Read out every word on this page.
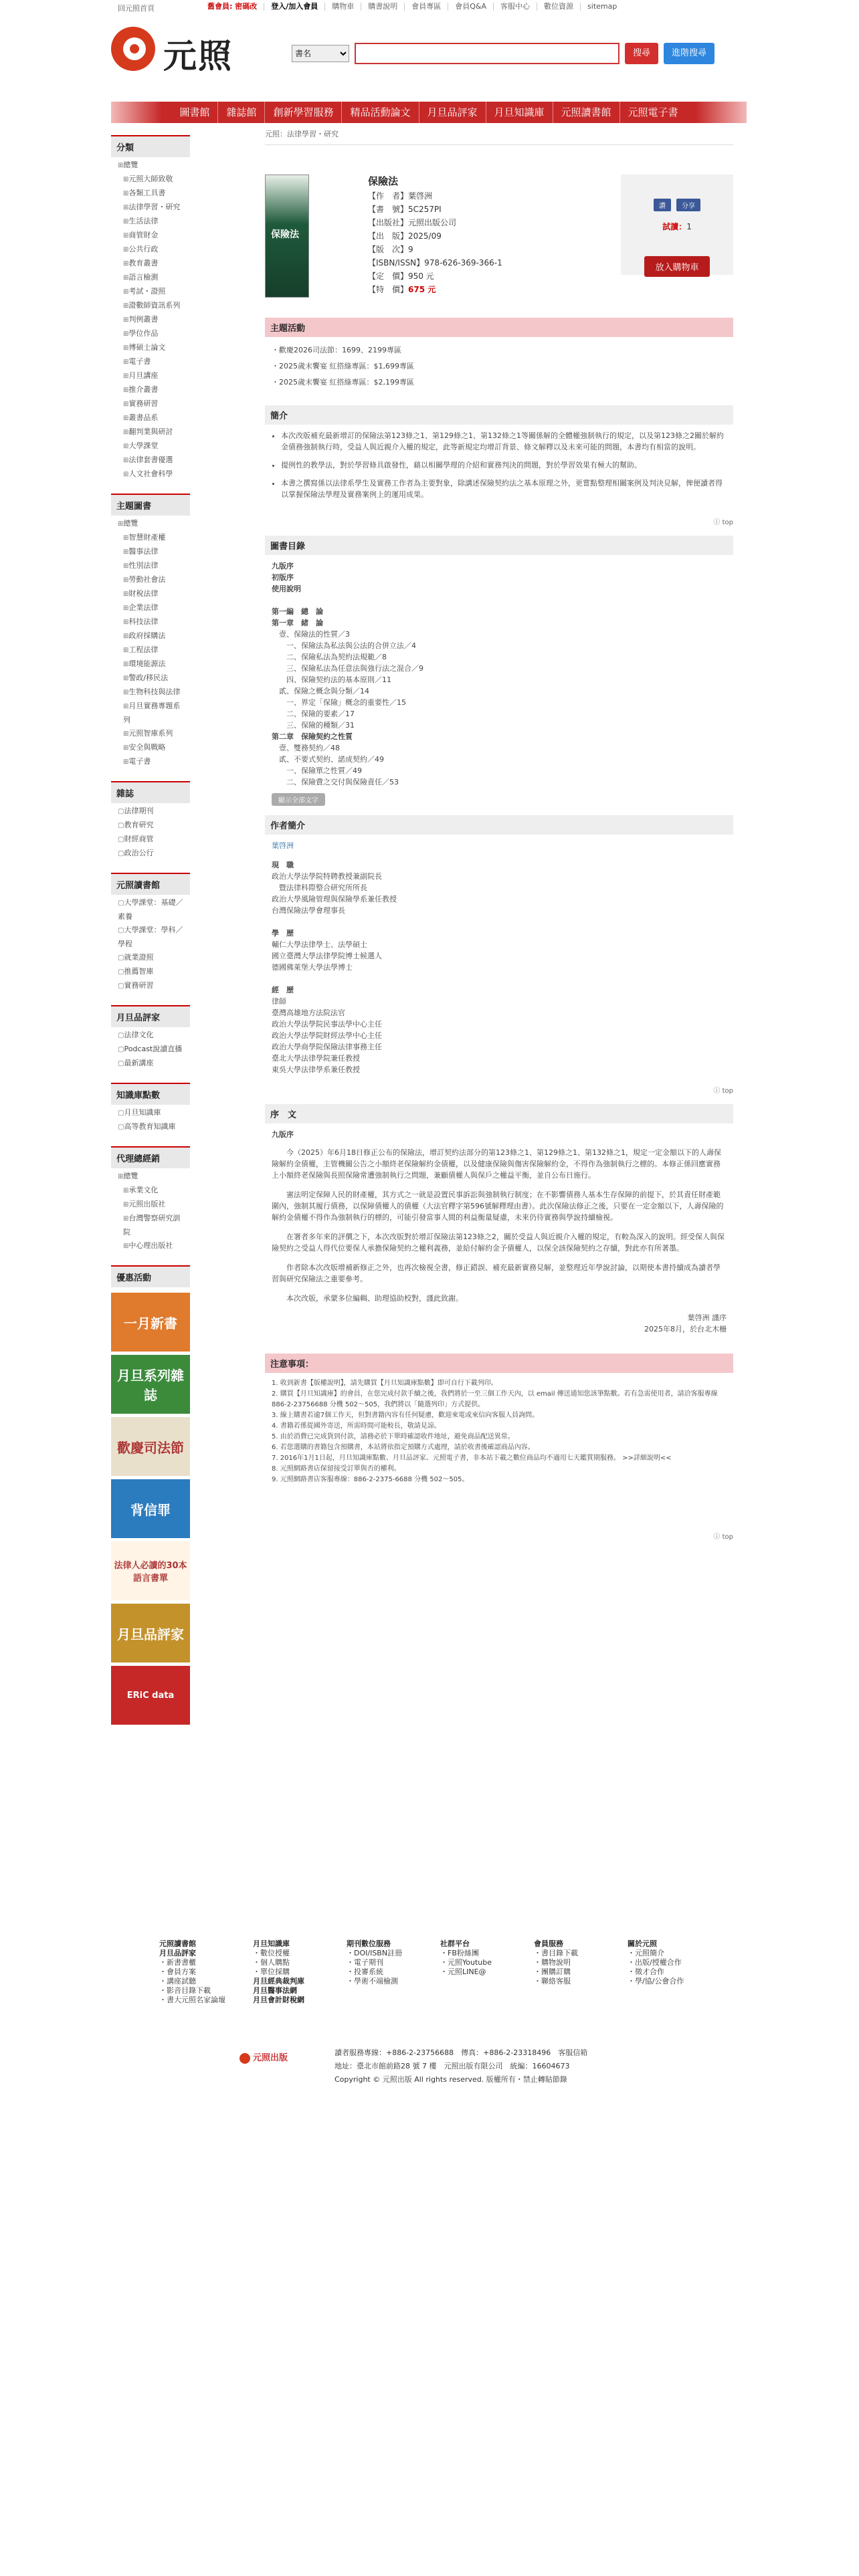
回元照首頁	舊會員: 密碼改	登入/加入會員	購物車	購書說明	會員專區	會員Q&A	客服中心	數位資源	sitemap
元照
書名	搜尋	進階搜尋
圖書館	雜誌館	創新學習服務	精品活動論文	月旦品評家	月旦知識庫	元照讀書館	元照電子書
分類
⊞ 總覽
⊞ 元照大師致敬
⊞ 各類工具書
⊞ 法律學習・研究
⊞ 生活法律
⊞ 商管財金
⊞ 公共行政
⊞ 教育叢書
⊞ 語言檢測
⊞ 考試・證照
⊞ 證數師資訊系列
⊞ 判例叢書
⊞ 學位作品
⊞ 博碩士論文
⊞ 電子書
⊞ 月旦講座
⊞ 推介叢書
⊞ 實務研習
⊞ 叢書品系
⊞ 翻判業與研討
⊞ 大學課堂
⊞ 法律套書優選
⊞ 人文社會科學
主題圖書
⊞ 總覽
⊞ 智慧財產權
⊞ 醫事法律
⊞ 性別法律
⊞ 勞動社會法
⊞ 財稅法律
⊞ 企業法律
⊞ 科技法律
⊞ 政府採購法
⊞ 工程法律
⊞ 環境能源法
⊞ 警政/移民法
⊞ 生物科技與法律
⊞ 月旦實務專題系列
⊞ 元照智庫系列
⊞ 安全與戰略
⊞ 電子書
雜誌
▢ 法律期刊
▢ 教育研究
▢ 財經商管
▢ 政治公行
元照讀書館
▢ 大學課堂：基礎／素養
▢ 大學課堂：學科／學程
▢ 就業證照
▢ 推薦智庫
▢ 實務研習
月旦品評家
▢ 法律文化
▢ Podcast說讀直播
▢ 最新講座
知識庫點數
▢ 月旦知識庫
▢ 高等教育知識庫
代理總經銷
⊞ 總覽
⊞ 承業文化
⊞ 元照出版社
⊞ 台灣警察研究訓院
⊞ 中心理出版社
優惠活動
一月新書
月旦系列雜誌
歡慶司法節
背信罪
法律人必讀的30本語言書單
月旦品評家
ERiC data
元照：法律學習・研究
保險法
保險法
【作　者】葉啓洲
【書　號】5C257PI
【出版社】元照出版公司
【出　版】2025/09
【版　次】9
【ISBN/ISSN】978-626-369-366-1
【定　價】950 元
【特　價】675 元
讚	分享
試讀：1
放入購物車
主題活動
・歡慶2026司法節：1699、2199專區
・2025歲末饗宴 紅搭綠專區：$1,699專區
・2025歲末饗宴 紅搭綠專區：$2,199專區
簡介
• 本次改版補充最新增訂的保險法第123條之1、第129條之1、第132條之1等關係解的全體權強制執行的規定，以及第123條之2關於解約金債務強制執行時，受益人與近親介入權的規定，此等新規定均增訂背景、條文解釋以及未來可能的問題，本書均有相當的說明。
• 提例性的教學法，對於學習條具啟發性，藉以相關學理的介紹和實務判決的問題，對於學習效果有極大的幫助。
• 本書之撰寫係以法律系學生及實務工作者為主要對象，除講述保險契約法之基本原理之外，更嘗點整理相關案例及判決見解，俾便讀者得以掌握保險法學理及實務案例上的運用成果。
ⓘ top
圖書目錄
九版序
初版序
使用說明

第一編　總　論
第一章　緒　論
　壹、保險法的性質／3
　　一、保險法為私法與公法的合併立法／4
　　二、保險私法為契約法規範／8
　　三、保險私法為任意法與強行法之混合／9
　　四、保險契約法的基本原則／11
　貳、保險之概念與分類／14
　　一、界定「保險」概念的重要性／15
　　二、保險的要素／17
　　三、保險的種類／31
第二章　保險契約之性質
　壹、雙務契約／48
　貳、不要式契約、諾成契約／49
　　一、保險單之性質／49
　　二、保險費之交付與保險責任／53
顯示全部文字
作者簡介
葉啓洲
現　職
政治大學法學院特聘教授兼副院長
　暨法律科際整合研究所所長
政治大學風險管理與保險學系兼任教授
台灣保險法學會理事長

學　歷
輔仁大學法律學士、法學碩士
國立臺灣大學法律學院博士候選人
德國佛萊堡大學法學博士

經　歷
律師
臺灣高雄地方法院法官
政治大學法學院民事法學中心主任
政治大學法學院財經法學中心主任
政治大學商學院保險法律事務主任
臺北大學法律學院兼任教授
東吳大學法律學系兼任教授
ⓘ top
序　文
九版序

今（2025）年6月18日修正公布的保險法，增訂契約法部分的第123條之1、第129條之1、第132條之1，規定一定金額以下的人壽保險解約金債權，主管機關公告之小額終老保險解約金債權，以及健康保險與傷害保險解約金，不得作為強制執行之標的。本修正係回應實務上小額終老保險與長照保險常遭強制執行之問題，兼顧債權人與保戶之權益平衡，並自公布日施行。

憲法明定保障人民的財產權，其方式之一就是設置民事訴訟與強制執行制度；在不影響債務人基本生存保障的前提下，於其責任財產範圍內，強制其履行債務，以保障債權人的債權（大法官釋字第596號解釋理由書）。此次保險法修正之後，只要在一定金額以下，人壽保險的解約金債權不得作為強制執行的標的，可能引發當事人間的利益衡量疑慮，未來仍待實務與學說持續檢視。

在署者多年來的評價之下，本次改版對於增訂保險法第123條之2，關於受益人與近親介入權的規定，有較為深入的說明。經受保人與保險契約之受益人得代位要保人承擔保險契約之權利義務，並給付解約金予債權人，以保全該保險契約之存續，對此亦有所著墨。

作者除本次改版增補新修正之外，也再次檢視全書，修正錯誤、補充最新實務見解，並整理近年學說討論，以期使本書持續成為讀者學習與研究保險法之重要參考。

本次改版，承蒙多位編輯、助理協助校對，謹此致謝。

葉啓洲 謹序
2025年8月，於台北木柵
注意事項：
1. 收到新書【版權說明】，請先購買【月旦知識庫點數】即可自行下載列印。
2. 購買【月旦知識庫】的會員，在您完成付款手續之後，我們將於一至三個工作天內，以 email 傳送通知您該筆點數。若有急需使用者，請洽客服專線 886-2-23756688 分機 502～505，我們將以「隨選列印」方式提供。
3. 線上購書若逾7個工作天，但對書籍內容有任何疑慮，歡迎來電或來信向客服人員詢問。
4. 書籍若係從國外寄送，所需時間可能較長，敬請見諒。
5. 由於消費已完成貨到付款，請務必於下單時確認收件地址，避免商品配送異常。
6. 若您選購的書籍包含預購書，本站將依指定預購方式處理，請於收書後確認商品內容。
7. 2016年1月1日起，月旦知識庫點數、月旦品評家、元照電子書，非本站下載之數位商品均不適用七天鑑賞期服務。 >>詳細說明<<
8. 元照網路書店保留接受訂單與否的權利。
9. 元照網路書店客服專線：886-2-2375-6688 分機 502～505。
ⓘ top
元照讀書館
月旦品評家
・新書書櫃
・會員方案
・講座試聽
・影音目錄下載
・書大元照名家論壇
月旦知識庫
・數位授權
・個人購點
・單位採購
月旦經典裁判庫
月旦醫事法網
月旦會計財稅網
期刊數位服務
・DOI/ISBN註冊
・電子期刊
・投審系統
・學術不端檢測
社群平台
・FB粉絲團
・元照Youtube
・元照LINE@
會員服務
・書目錄下載
・購物說明
・團購訂購
・聯絡客服
關於元照
・元照簡介
・出版/授權合作
・徵才合作
・學/協/公會合作
元照出版
讀者服務專線：+886-2-23756688　傳真：+886-2-23318496　客服信箱
地址：臺北市館前路28 號 7 樓　元照出版有限公司　統編：16604673
Copyright © 元照出版 All rights reserved. 版權所有・禁止轉貼節錄
